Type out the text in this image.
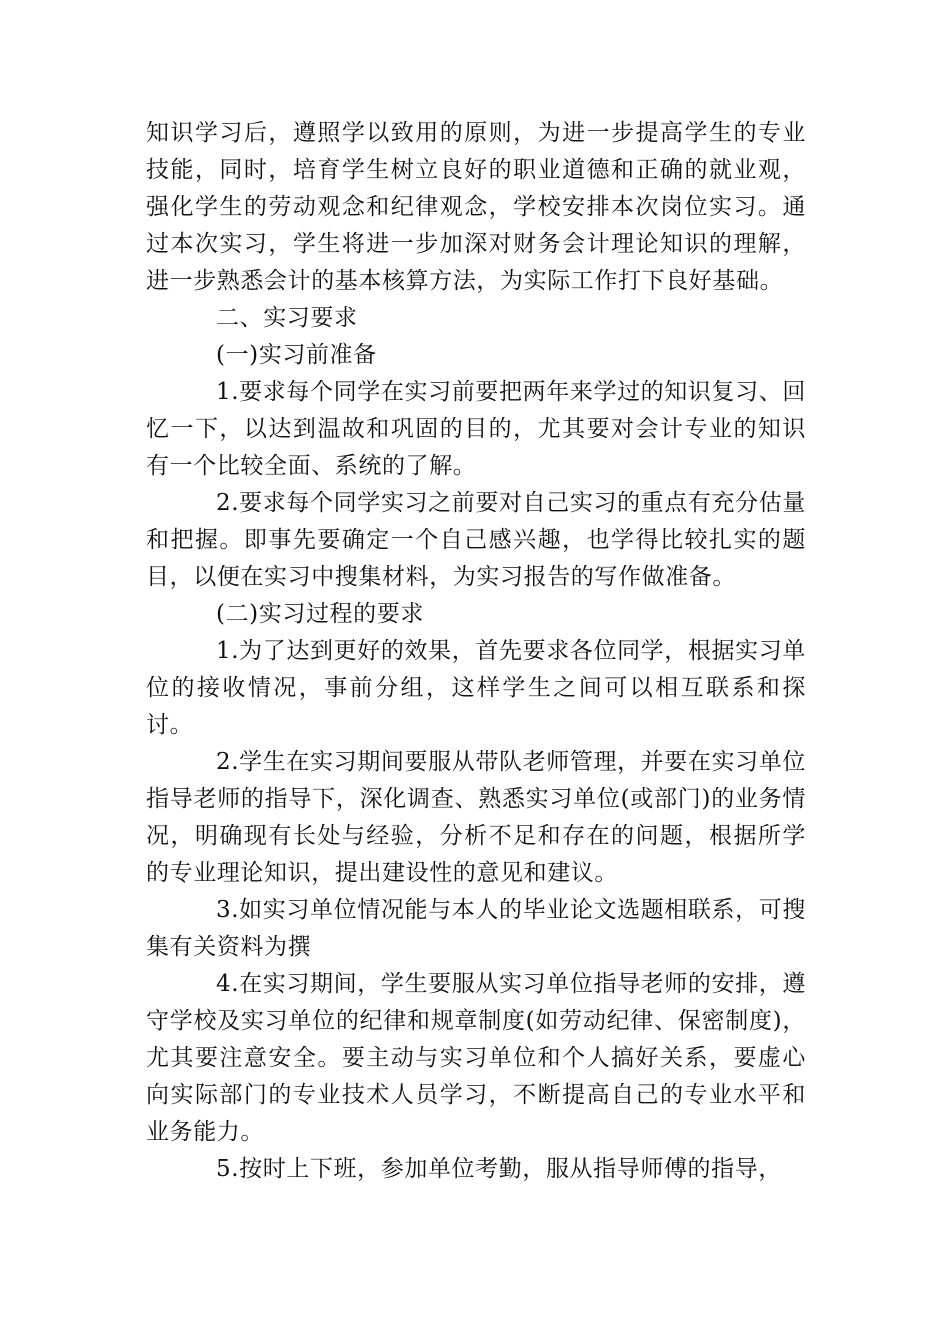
知识学习后，遵照学以致用的原则，为进一步提高学生的专业技能，同时，培育学生树立良好的职业道德和正确的就业观，强化学生的劳动观念和纪律观念，学校安排本次岗位实习。通过本次实习，学生将进一步加深对财务会计理论知识的理解，进一步熟悉会计的基本核算方法，为实际工作打下良好基础。

二、实习要求

(一)实习前准备

1.要求每个同学在实习前要把两年来学过的知识复习、回忆一下，以达到温故和巩固的目的，尤其要对会计专业的知识有一个比较全面、系统的了解。

2.要求每个同学实习之前要对自己实习的重点有充分估量和把握。即事先要确定一个自己感兴趣，也学得比较扎实的题目，以便在实习中搜集材料，为实习报告的写作做准备。

(二)实习过程的要求

1.为了达到更好的效果，首先要求各位同学，根据实习单位的接收情况，事前分组，这样学生之间可以相互联系和探讨。

2.学生在实习期间要服从带队老师管理，并要在实习单位指导老师的指导下，深化调查、熟悉实习单位(或部门)的业务情况，明确现有长处与经验，分析不足和存在的问题，根据所学的专业理论知识，提出建设性的意见和建议。

3.如实习单位情况能与本人的毕业论文选题相联系，可搜集有关资料为撰

4.在实习期间，学生要服从实习单位指导老师的安排，遵守学校及实习单位的纪律和规章制度(如劳动纪律、保密制度)，尤其要注意安全。要主动与实习单位和个人搞好关系，要虚心向实际部门的专业技术人员学习，不断提高自己的专业水平和业务能力。

5.按时上下班，参加单位考勤，服从指导师傅的指导，
